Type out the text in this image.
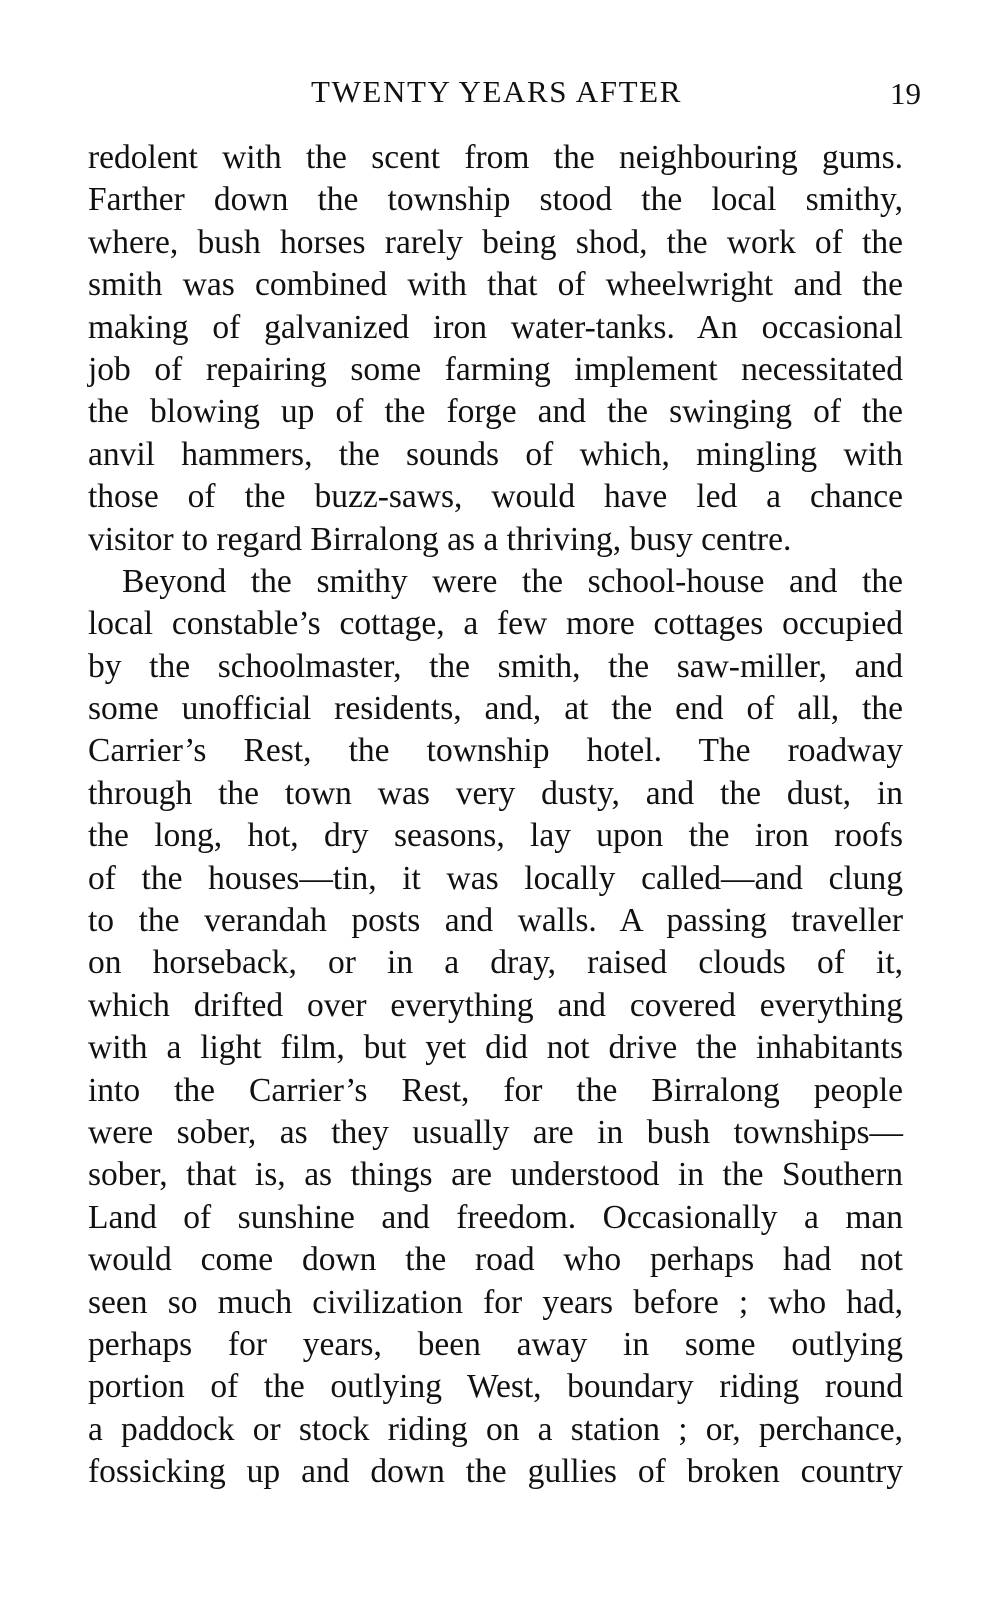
TWENTY YEARS AFTER	19
redolent with the scent from the neighbouring gums.
Farther down the township stood the local smithy,
where, bush horses rarely being shod, the work of the
smith was combined with that of wheelwright and the
making of galvanized iron water-tanks. An occasional
job of repairing some farming implement necessitated
the blowing up of the forge and the swinging of the
anvil hammers, the sounds of which, mingling with
those of the buzz-saws, would have led a chance
visitor to regard Birralong as a thriving, busy centre.
Beyond the smithy were the school-house and the
local constable’s cottage, a few more cottages occupied
by the schoolmaster, the smith, the saw-miller, and
some unofficial residents, and, at the end of all, the
Carrier’s Rest, the township hotel. The roadway
through the town was very dusty, and the dust, in
the long, hot, dry seasons, lay upon the iron roofs
of the houses—tin, it was locally called—and clung
to the verandah posts and walls. A passing traveller
on horseback, or in a dray, raised clouds of it,
which drifted over everything and covered everything
with a light film, but yet did not drive the inhabitants
into the Carrier’s Rest, for the Birralong people
were sober, as they usually are in bush townships—
sober, that is, as things are understood in the Southern
Land of sunshine and freedom. Occasionally a man
would come down the road who perhaps had not
seen so much civilization for years before ; who had,
perhaps for years, been away in some outlying
portion of the outlying West, boundary riding round
a paddock or stock riding on a station ; or, perchance,
fossicking up and down the gullies of broken country
